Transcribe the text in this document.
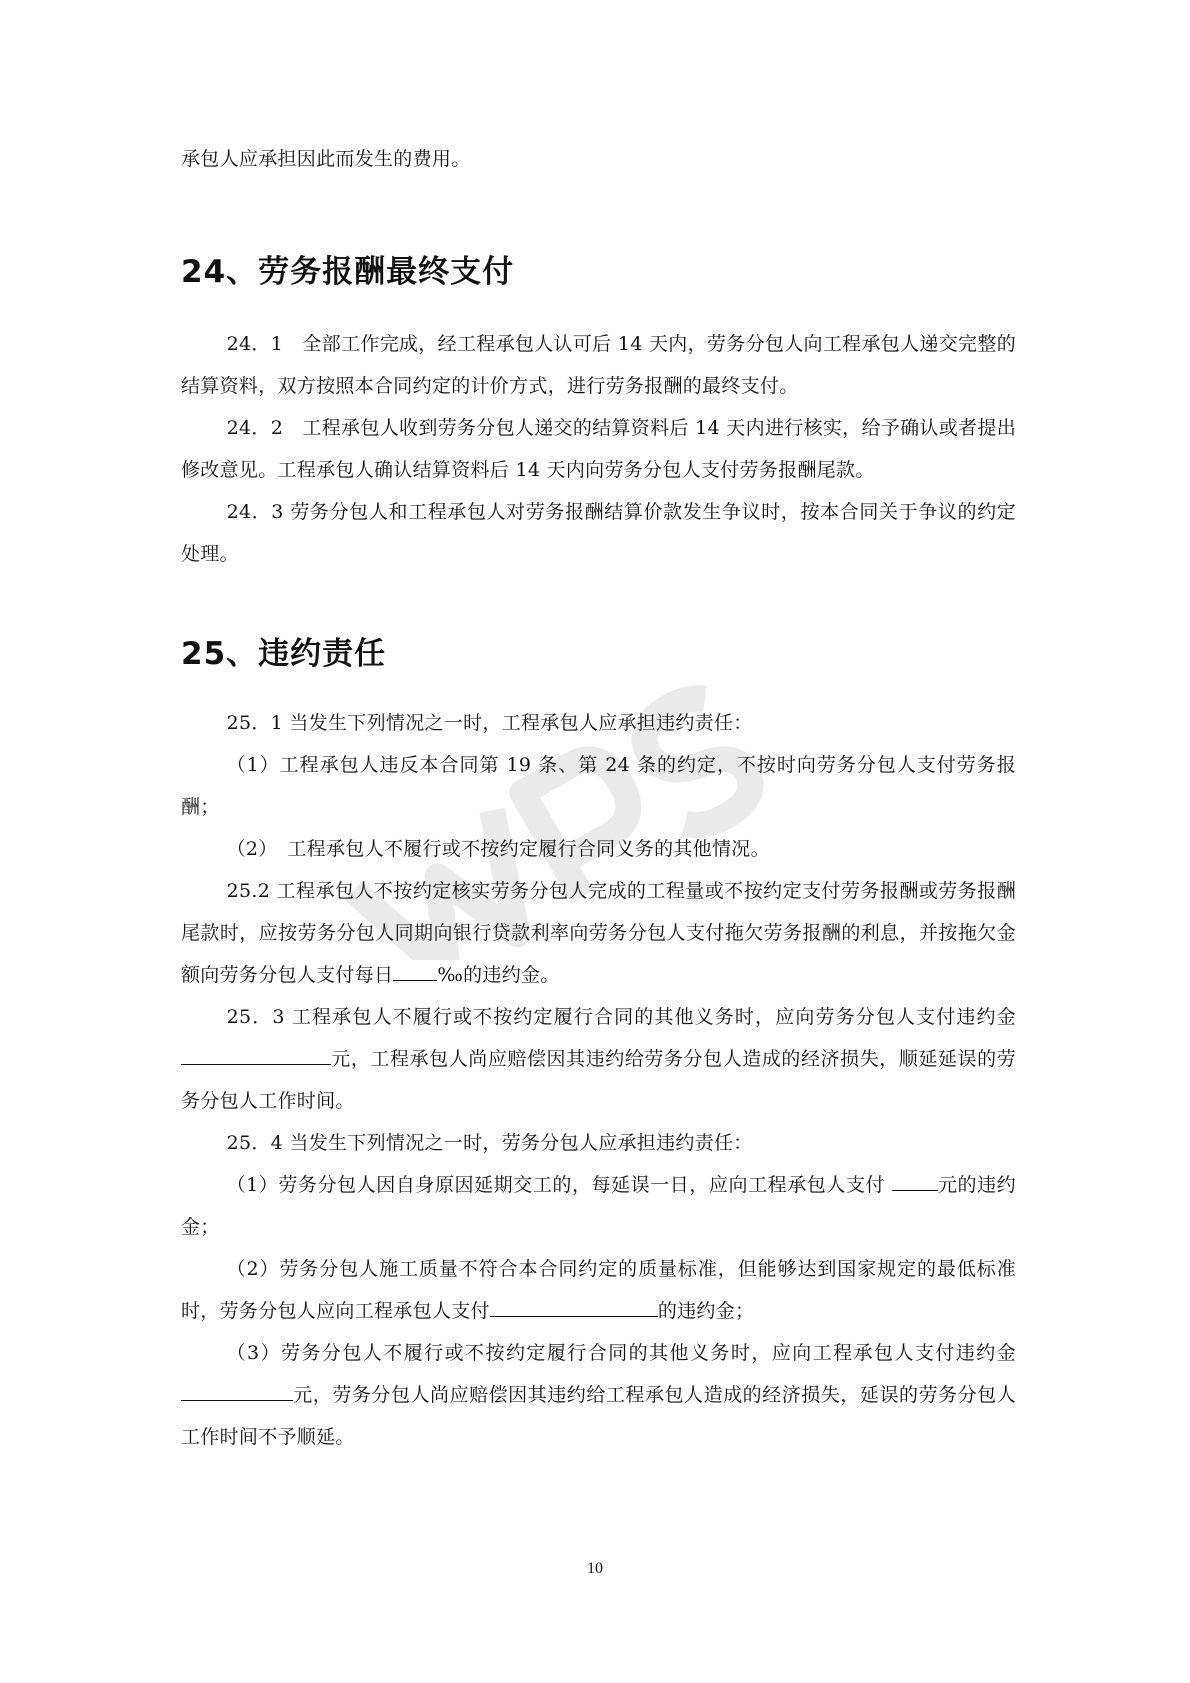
承包人应承担因此而发生的费用。

24、劳务报酬最终支付

24．1　全部工作完成，经工程承包人认可后 14 天内，劳务分包人向工程承包人递交完整的结算资料，双方按照本合同约定的计价方式，进行劳务报酬的最终支付。

24．2　工程承包人收到劳务分包人递交的结算资料后 14 天内进行核实，给予确认或者提出修改意见。工程承包人确认结算资料后 14 天内向劳务分包人支付劳务报酬尾款。

24．3 劳务分包人和工程承包人对劳务报酬结算价款发生争议时，按本合同关于争议的约定处理。

25、违约责任

25．1 当发生下列情况之一时，工程承包人应承担违约责任：

（1）工程承包人违反本合同第 19 条、第 24 条的约定，不按时向劳务分包人支付劳务报酬；

（2）　工程承包人不履行或不按约定履行合同义务的其他情况。

25.2 工程承包人不按约定核实劳务分包人完成的工程量或不按约定支付劳务报酬或劳务报酬尾款时，应按劳务分包人同期向银行贷款利率向劳务分包人支付拖欠劳务报酬的利息，并按拖欠金额向劳务分包人支付每日 ‰的违约金。

25．3 工程承包人不履行或不按约定履行合同的其他义务时，应向劳务分包人支付违约金元，工程承包人尚应赔偿因其违约给劳务分包人造成的经济损失，顺延延误的劳务分包人工作时间。

25．4 当发生下列情况之一时，劳务分包人应承担违约责任：

（1）劳务分包人因自身原因延期交工的，每延误一日，应向工程承包人支付 元的违约金；

（2）劳务分包人施工质量不符合本合同约定的质量标准，但能够达到国家规定的最低标准时，劳务分包人应向工程承包人支付	的违约金；

（3）劳务分包人不履行或不按约定履行合同的其他义务时，应向工程承包人支付违约金元，劳务分包人尚应赔偿因其违约给工程承包人造成的经济损失，延误的劳务分包人工作时间不予顺延。

10
